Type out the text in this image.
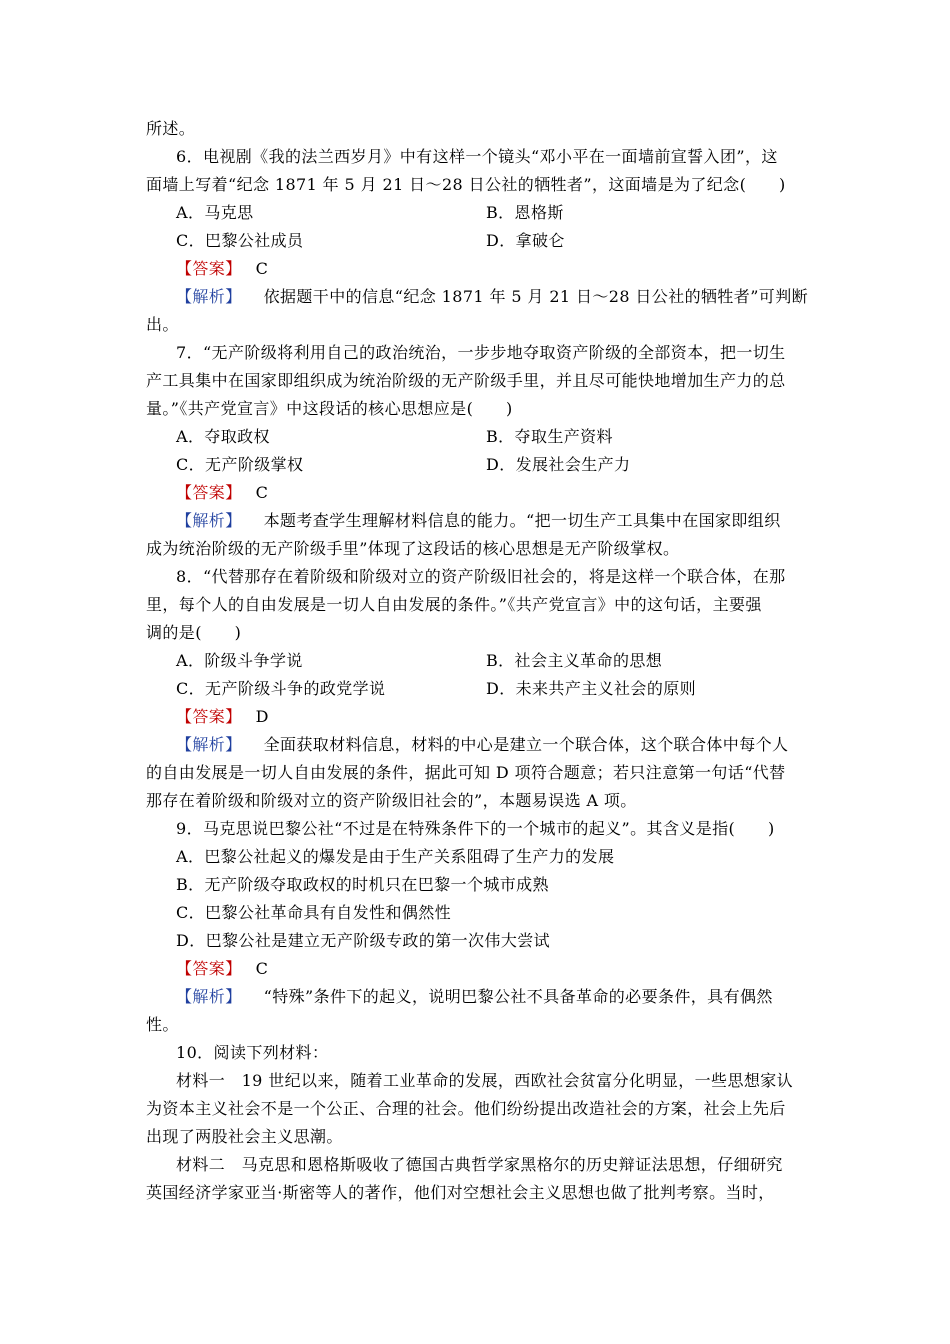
所述。
6．电视剧《我的法兰西岁月》中有这样一个镜头“邓小平在一面墙前宣誓入团”，这
面墙上写着“纪念 1871 年 5 月 21 日～28 日公社的牺牲者”，这面墙是为了纪念(　　)
A．马克思	B．恩格斯
C．巴黎公社成员	D．拿破仑
【答案】 C
【解析】 依据题干中的信息“纪念 1871 年 5 月 21 日～28 日公社的牺牲者”可判断
出。
7．“无产阶级将利用自己的政治统治，一步步地夺取资产阶级的全部资本，把一切生
产工具集中在国家即组织成为统治阶级的无产阶级手里，并且尽可能快地增加生产力的总
量。”《共产党宣言》中这段话的核心思想应是(　　)
A．夺取政权	B．夺取生产资料
C．无产阶级掌权	D．发展社会生产力
【答案】 C
【解析】 本题考查学生理解材料信息的能力。“把一切生产工具集中在国家即组织
成为统治阶级的无产阶级手里”体现了这段话的核心思想是无产阶级掌权。
8．“代替那存在着阶级和阶级对立的资产阶级旧社会的，将是这样一个联合体，在那
里，每个人的自由发展是一切人自由发展的条件。”《共产党宣言》中的这句话，主要强
调的是(　　)
A．阶级斗争学说	B．社会主义革命的思想
C．无产阶级斗争的政党学说	D．未来共产主义社会的原则
【答案】 D
【解析】 全面获取材料信息，材料的中心是建立一个联合体，这个联合体中每个人
的自由发展是一切人自由发展的条件，据此可知 D 项符合题意；若只注意第一句话“代替
那存在着阶级和阶级对立的资产阶级旧社会的”，本题易误选 A 项。
9．马克思说巴黎公社“不过是在特殊条件下的一个城市的起义”。其含义是指(　　)
A．巴黎公社起义的爆发是由于生产关系阻碍了生产力的发展
B．无产阶级夺取政权的时机只在巴黎一个城市成熟
C．巴黎公社革命具有自发性和偶然性
D．巴黎公社是建立无产阶级专政的第一次伟大尝试
【答案】 C
【解析】 “特殊”条件下的起义，说明巴黎公社不具备革命的必要条件，具有偶然
性。
10．阅读下列材料：
材料一　19 世纪以来，随着工业革命的发展，西欧社会贫富分化明显，一些思想家认
为资本主义社会不是一个公正、合理的社会。他们纷纷提出改造社会的方案，社会上先后
出现了两股社会主义思潮。
材料二　马克思和恩格斯吸收了德国古典哲学家黑格尔的历史辩证法思想，仔细研究
英国经济学家亚当·斯密等人的著作，他们对空想社会主义思想也做了批判考察。当时，
